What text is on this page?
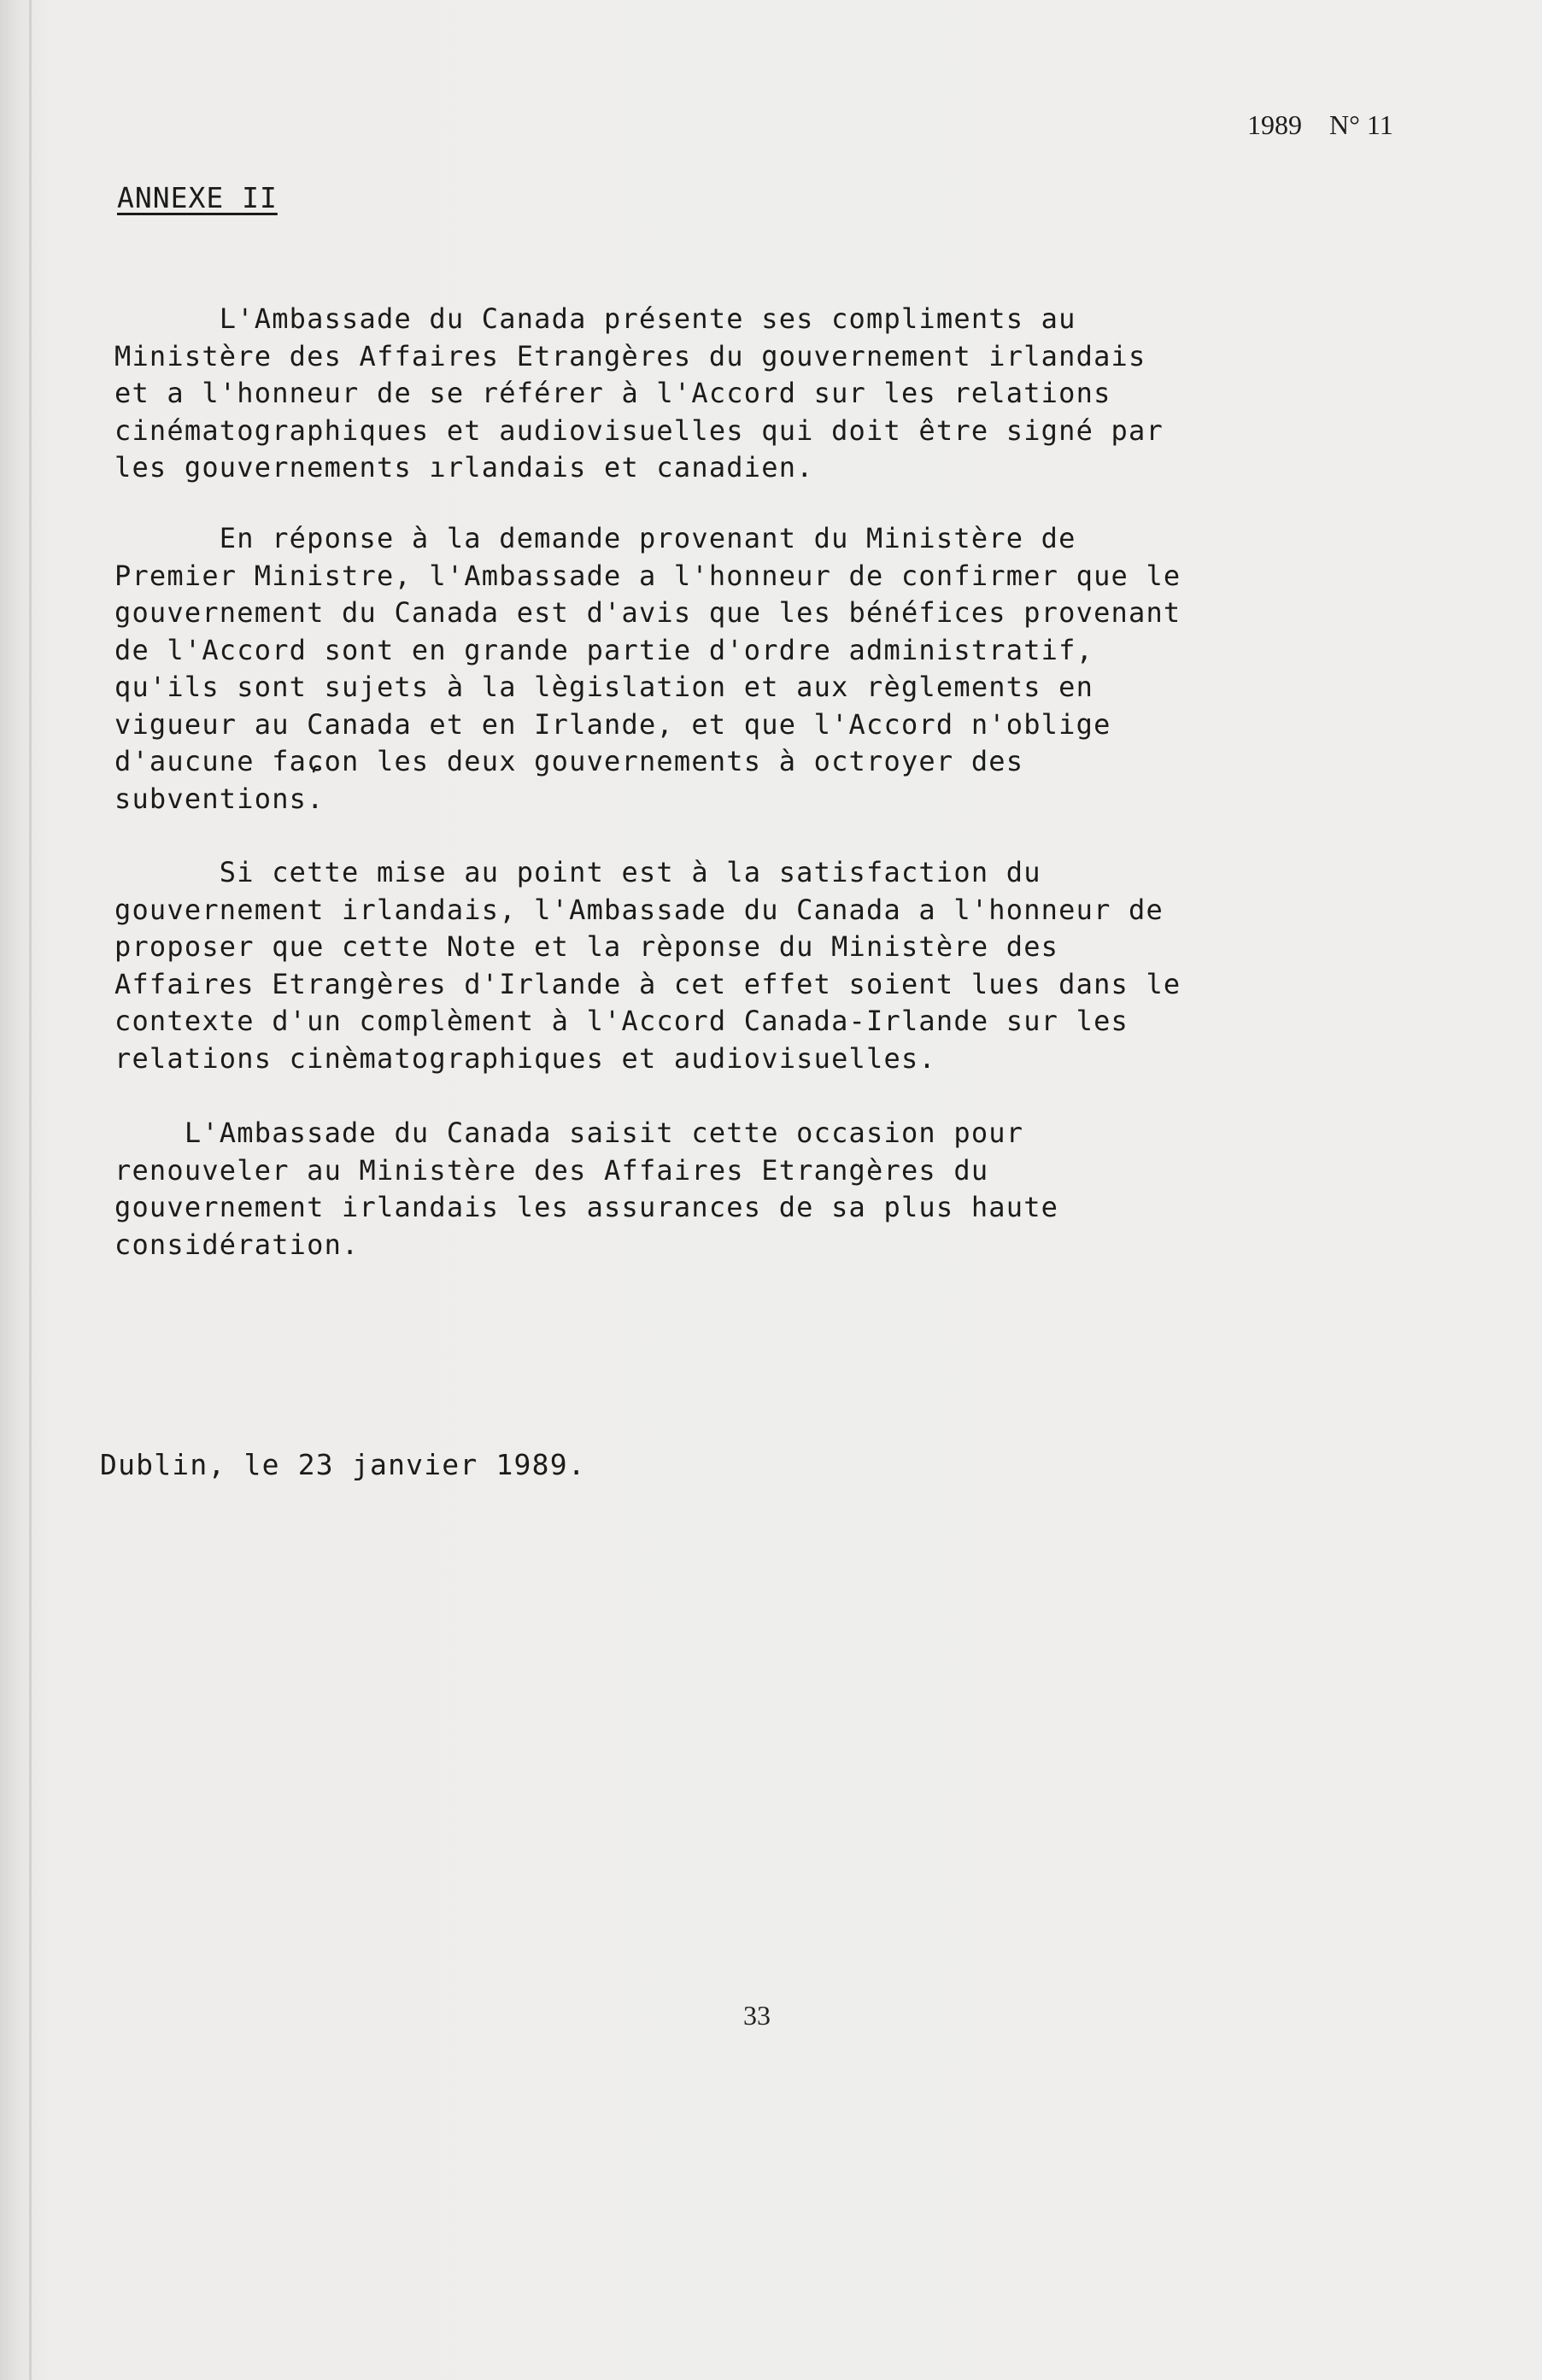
1989 N° 11
ANNEXE II
L'Ambassade du Canada présente ses compliments au
Ministère des Affaires Etrangères du gouvernement irlandais
et a l'honneur de se référer à l'Accord sur les relations
cinématographiques et audiovisuelles qui doit être signé par
les gouvernements ırlandais et canadien.
En réponse à la demande provenant du Ministère de
Premier Ministre, l'Ambassade a l'honneur de confirmer que le
gouvernement du Canada est d'avis que les bénéfices provenant
de l'Accord sont en grande partie d'ordre administratif,
qu'ils sont sujets à la lègislation et aux règlements en
vigueur au Canada et en Irlande, et que l'Accord n'oblige
d'aucune faɕon les deux gouvernements à octroyer des
subventions.
Si cette mise au point est à la satisfaction du
gouvernement irlandais, l'Ambassade du Canada a l'honneur de
proposer que cette Note et la rèponse du Ministère des
Affaires Etrangères d'Irlande à cet effet soient lues dans le
contexte d'un complèment à l'Accord Canada-Irlande sur les
relations cinèmatographiques et audiovisuelles.
L'Ambassade du Canada saisit cette occasion pour
renouveler au Ministère des Affaires Etrangères du
gouvernement irlandais les assurances de sa plus haute
considération.
Dublin, le 23 janvier 1989.
33
